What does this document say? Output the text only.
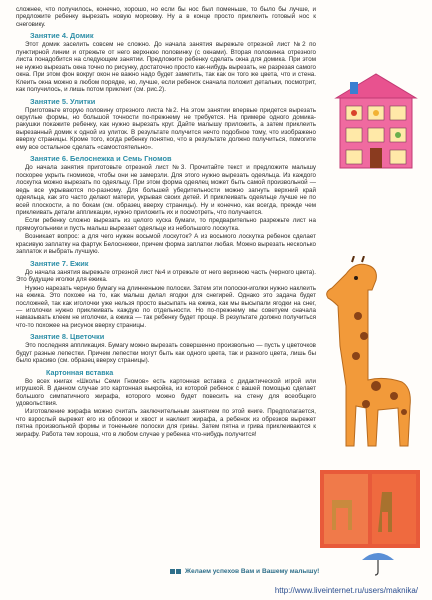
сложнее, что получилось, конечно, хорошо, но если бы нос был поменьше, то было бы лучше, и предложите ребенку вырезать новую морковку. Ну а в конце просто приклеить готовый нос к снеговику.

Занятие 4. Домик

Этот домик заселить совсем не сложно. До начала занятия вырежьте отрезной лист №2 по пунктирной линии и отрежьте от него верхнюю половинку (с окнами). Вторая половинка отрезного листа понадобится на следующем занятии. Предложите ребенку сделать окна для домика. При этом не нужно вырезать окна точно по рисунку, достаточно просто как-нибудь вырезать, не разрезая самого окна. При этом фон вокруг окон не важно надо будет заметить, так как он того же цвета, что и стена. Клеить окна можно в любом порядке, но, лучше, если ребенок сначала положит детальки, посмотрит, как получилось, и лишь потом приклеит (см. рис.2).

Занятие 5. Улитки

Приготовьте вторую половину отрезного листа №2. На этом занятии впервые придется вырезать округлые формы, но большой точности по-прежнему не требуется. На примере одного домика-ракушки покажите ребенку, как нужно вырезать круг. Дайте малышу приложить, а затем приклеить вырезанный домик к одной из улиток. В результате получится нечто подобное тому, что изображено вверху страницы. Кроме того, когда ребенку понятно, что в результате должно получиться, помогите ему все остальное сделать «самостоятельно».

Занятие 6. Белоснежка и Семь Гномов

До начала занятия приготовьте отрезной лист №3. Прочитайте текст и предложите малышу поскорее укрыть гномиков, чтобы они не замерзли. Для этого нужно вырезать одеяльца. Из каждого лоскутка можно вырезать по одеяльцу. При этом форма одеялец может быть самой произвольной — ведь все укрываются по-разному. Для большей убедительности можно загнуть верхний край одеяльца, как это часто делают матери, укрывая своих детей. И приклеивать одеяльце лучше не по всей плоскости, а по бокам (см. образец вверху страницы). Ну и конечно, как всегда, прежде чем приклеивать детали аппликации, нужно приложить их и посмотреть, что получается.

Если ребенку сложно вырезать из целого куска бумаги, то предварительно разрежьте лист на прямоугольники и пусть малыш вырезает одеяльце из небольшого лоскутка.

Возникает вопрос: а для чего нужен восьмой лоскуток? А из восьмого лоскутка ребенок сделает красивую заплатку на фартук Белоснежки, причем форма заплатки любая. Можно вырезать несколько заплаток и выбрать лучшую.

Занятие 7. Ежик

До начала занятия вырежьте отрезной лист №4 и отрежьте от него верхнюю часть (черного цвета). Это будущие иголки для ежика.

Нужно нарезать черную бумагу на длинненькие полоски. Затем эти полоски-иголки нужно наклеить на ежика. Это похоже на то, как малыш делал ягодки для снегирей. Однако это задача будет посложней, так как иголочки уже нельзя просто высыпать на ежика, как мы высыпали ягодки на снег, — иголочки нужно приклеивать каждую по отдельности. Но по-прежнему мы советуем сначала намазывать клеем не иголочки, а ежика — так ребенку будет проще. В результате должно получиться что-то похожее на рисунок вверху страницы.

Занятие 8. Цветочки

Это последняя аппликация. Бумагу можно вырезать совершенно произвольно — пусть у цветочков будут разные лепестки. Причем лепестки могут быть как одного цвета, так и разного цвета, лишь бы было красиво (см. образец вверху страницы).

Картонная вставка

Во всех книгах «Школы Семи Гномов» есть картонная вставка с дидактической игрой или игрушкой. В данном случае это картонная выкройка, из которой ребенок с вашей помощью сделает большого симпатичного жирафа, которого можно будет повесить на стену для всеобщего удовольствия.

Изготовление жирафа можно считать заключительным занятием по этой книге. Предполагается, что взрослый вырежет его из обложки и хвост и наклеит жирафа, а ребенок из обрезков вырежет пятна произвольной формы и тоненькие полоски для гривы. Затем пятна и грива приклеиваются к жирафу. Работа тем хороша, что в любом случае у ребенка что-нибудь получится!

Желаем успехов Вам и Вашему малышу!
http://www.liveinternet.ru/users/maknika/
